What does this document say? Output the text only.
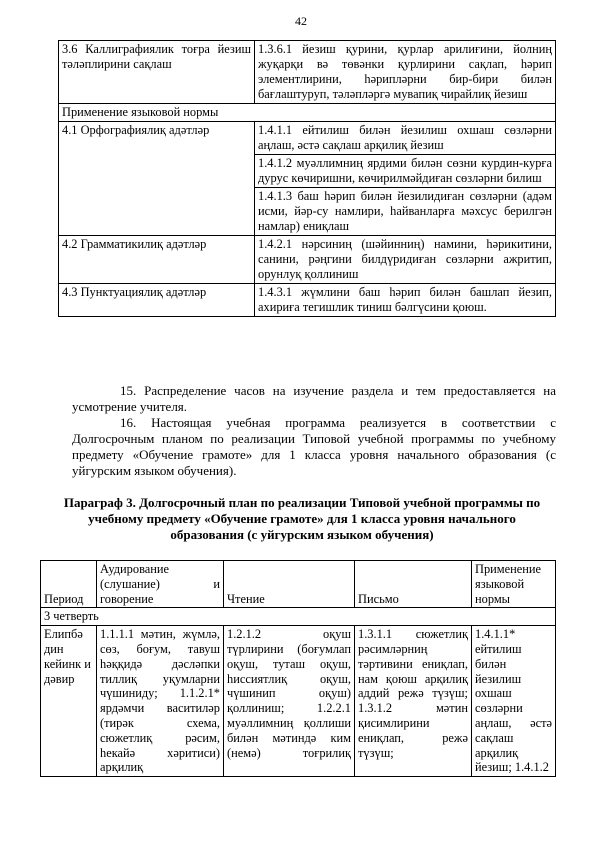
42
3.6 Каллиграфиялик тоғра йезиш тәләплирини сақлаш	1.3.6.1 йезиш қурини, қурлар арилиғини, йолниң жуқарқи вә төвәнки қурлирини сақлап, һәрип элементлирини, һәрипләрни бир-бири билән бағлаштуруп, тәләпләргә мувапиқ чирайлиқ йезиш
Применение языковой нормы
4.1 Орфографиялиқ адәтләр		1.4.1.1 ейтилиш билән йезилиш охшаш сөзләрни аңлаш, әстә сақлаш арқилиқ йезиш
1.4.1.2 муәллимниң ярдими билән сөзни курдин-курға дурус көчиришни, көчирилмәйдиған сөзләрни билиш
1.4.1.3 баш һәрип билән йезилидиған сөзләрни (адәм исми, йәр-су намлири, һайванларға мәхсус берилгән намлар) ениқлаш

4.2 Грамматикилиқ адәтләр	1.4.2.1 нәрсиниң (шәйинниң) намини, һәрикитини, санини, рәңгини билдүридиған сөзләрни ажритип, орунлуқ қоллиниш
4.3 Пунктуациялиқ адәтләр	1.4.3.1 жүмлини баш һәрип билән башлап йезип, ахириға тегишлик тиниш бәлгүсини қоюш.
15. Распределение часов на изучение раздела и тем предоставляется на усмотрение учителя.
16. Настоящая учебная программа реализуется в соответствии с Долгосрочным планом по реализации Типовой учебной программы по учебному предмету «Обучение грамоте» для 1 класса уровня начального образования (с уйгурским языком обучения).
Параграф 3. Долгосрочный план по реализации Типовой учебной программы по учебному предмету «Обучение грамоте» для 1 класса уровня начального образования (с уйгурским языком обучения)
Период	Аудирование (слушание) и говорение	Чтение	Письмо	Применение языковой нормы
3 четверть				
Елипбә дин кейинк и дәвир	1.1.1.1 мәтин, жүмлә, сөз, боғум, тавуш һәққидә дәсләпки тиллиқ уқумларни чүшиниду; 1.1.2.1* ярдәмчи васитиләр (тирәк схема, сюжетлиқ рәсим, һекайә хәритиси) арқилиқ	1.2.1.2 оқуш түрлирини (боғумлап оқуш, туташ оқуш, һиссиятлиқ оқуш, чүшинип оқуш) қоллиниш; 1.2.2.1 муәллимниң қоллиши билән мәтиндә ким (немә) тоғрилиқ	1.3.1.1 сюжетлиқ рәсимләрниң тәртивини ениқлап, нам қоюш арқилиқ аддий режә түзүш; 1.3.1.2 мәтин қисимлирини ениқлап, режә түзүш;	1.4.1.1* ейтилиш билән йезилиш охшаш сөзләрни аңлаш, әстә сақлаш арқилиқ йезиш; 1.4.1.2
